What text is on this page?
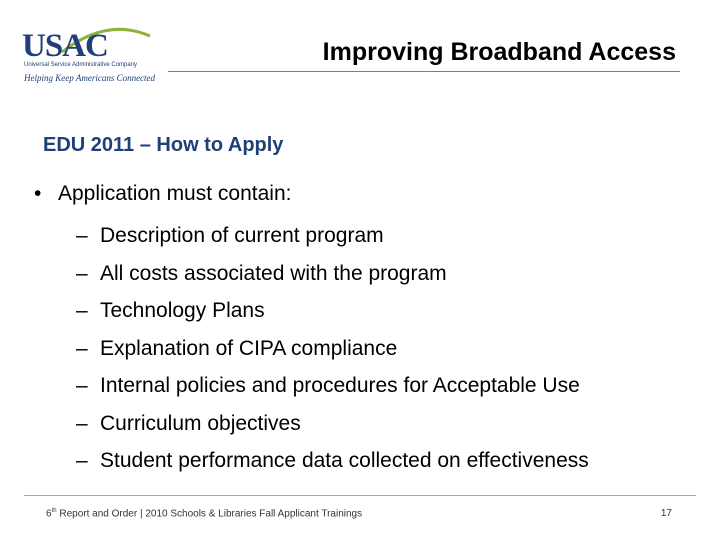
USAC
Universal Service Administrative Company
Helping Keep Americans Connected
Improving Broadband Access
EDU 2011 – How to Apply
• Application must contain:
– Description of current program
– All costs associated with the program
– Technology Plans
– Explanation of CIPA compliance
– Internal policies and procedures for Acceptable Use
– Curriculum objectives
– Student performance data collected on effectiveness
6th Report and Order | 2010 Schools & Libraries Fall Applicant Trainings	17
